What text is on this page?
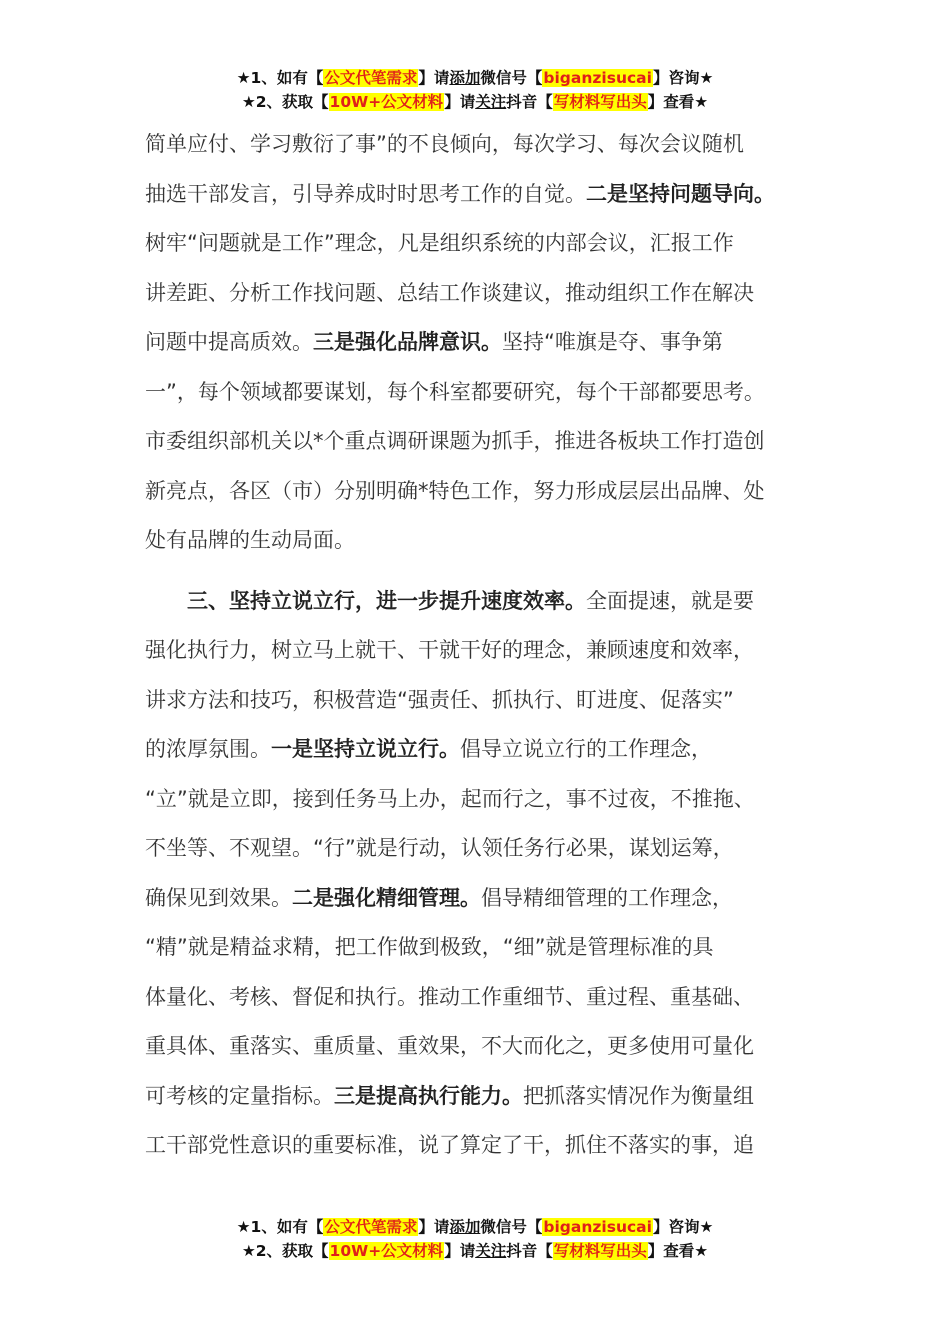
★1、如有【公文代笔需求】请添加微信号【biganzisucai】咨询★
★2、获取【10W+公文材料】请关注抖音【写材料写出头】查看★
简单应付、学习敷衍了事”的不良倾向，每次学习、每次会议随机
抽选干部发言，引导养成时时思考工作的自觉。二是坚持问题导向。
树牢“问题就是工作”理念，凡是组织系统的内部会议，汇报工作
讲差距、分析工作找问题、总结工作谈建议，推动组织工作在解决
问题中提高质效。三是强化品牌意识。坚持“唯旗是夺、事争第
一”，每个领域都要谋划，每个科室都要研究，每个干部都要思考。
市委组织部机关以*个重点调研课题为抓手，推进各板块工作打造创
新亮点，各区（市）分别明确*特色工作，努力形成层层出品牌、处
处有品牌的生动局面。
三、坚持立说立行，进一步提升速度效率。全面提速，就是要
强化执行力，树立马上就干、干就干好的理念，兼顾速度和效率，
讲求方法和技巧，积极营造“强责任、抓执行、盯进度、促落实”
的浓厚氛围。一是坚持立说立行。倡导立说立行的工作理念，
“立”就是立即，接到任务马上办，起而行之，事不过夜，不推拖、
不坐等、不观望。“行”就是行动，认领任务行必果，谋划运筹，
确保见到效果。二是强化精细管理。倡导精细管理的工作理念，
“精”就是精益求精，把工作做到极致，“细”就是管理标准的具
体量化、考核、督促和执行。推动工作重细节、重过程、重基础、
重具体、重落实、重质量、重效果，不大而化之，更多使用可量化
可考核的定量指标。三是提高执行能力。把抓落实情况作为衡量组
工干部党性意识的重要标准，说了算定了干，抓住不落实的事，追
★1、如有【公文代笔需求】请添加微信号【biganzisucai】咨询★
★2、获取【10W+公文材料】请关注抖音【写材料写出头】查看★
